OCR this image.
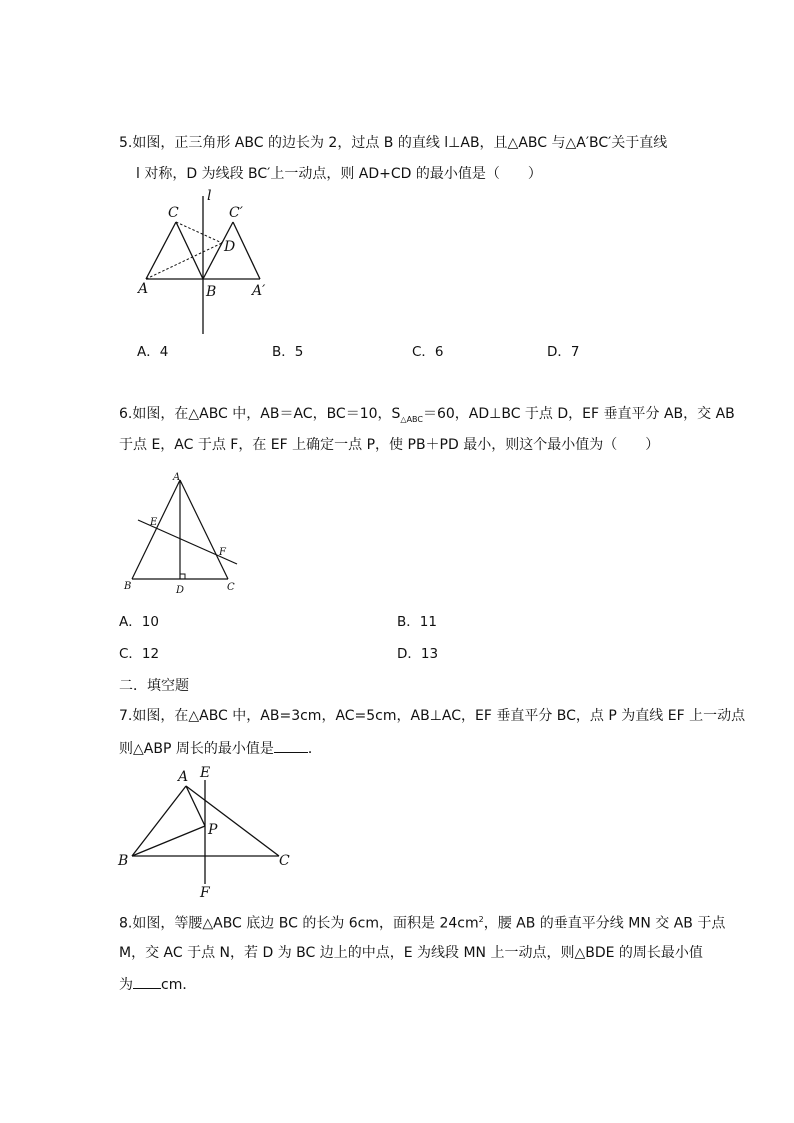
5.如图，正三角形 ABC 的边长为 2，过点 B 的直线 l⊥AB，且△ABC 与△A′BC′关于直线
l 对称，D 为线段 BC′上一动点，则 AD+CD 的最小值是（　　）
l
C	C′
D
A	B	A′
A．4	B．5	C．6	D．7
6.如图，在△ABC 中，AB＝AC，BC＝10，$S_{\triangle ABC}=60$，AD⊥BC 于点 D，EF 垂直平分 AB，交 AB
于点 E，AC 于点 F，在 EF 上确定一点 P，使 PB＋PD 最小，则这个最小值为（　　）
A
E
F
B	D	C
A．10	B．11
C．12	D．13
二．填空题
7.如图，在△ABC 中，AB=3cm，AC=5cm，AB⊥AC，EF 垂直平分 BC，点 P 为直线 EF 上一动点
则△ABP 周长的最小值是 ．
A E
P
B	C
F
8.如图，等腰△ABC 底边 BC 的长为 6cm，面积是 $24cm^2$，腰 AB 的垂直平分线 MN 交 AB 于点
M，交 AC 于点 N，若 D 为 BC 边上的中点，E 为线段 MN 上一动点，则△BDE 的周长最小值
为 cm．
